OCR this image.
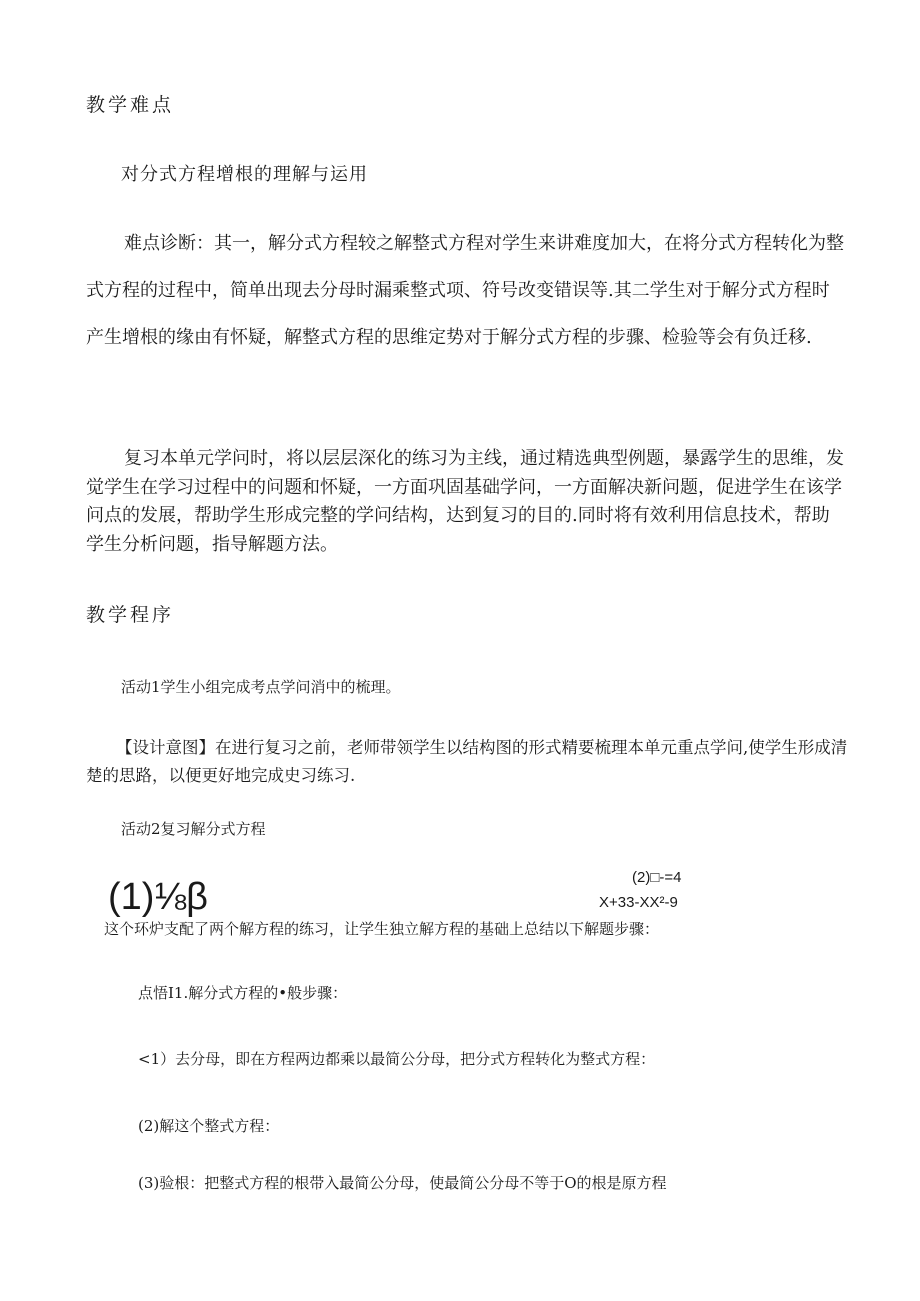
教学难点
对分式方程增根的理解与运用

难点诊断：其一，解分式方程较之解整式方程对学生来讲难度加大，在将分式方程转化为整式方程的过程中，简单出现去分母时漏乘整式项、符号改变错误等.其二学生对于解分式方程时产生增根的缘由有怀疑，解整式方程的思维定势对于解分式方程的步骤、检验等会有负迁移.

复习本单元学问时，将以层层深化的练习为主线，通过精选典型例题，暴露学生的思维，发觉学生在学习过程中的问题和怀疑，一方面巩固基础学问，一方面解决新问题，促进学生在该学问点的发展，帮助学生形成完整的学问结构，达到复习的目的.同时将有效利用信息技术，帮助学生分析问题，指导解题方法。

教学程序
活动1学生小组完成考点学问消中的梳理。

【设计意图】在进行复习之前，老师带领学生以结构图的形式精要梳理本单元重点学问,使学生形成清楚的思路，以便更好地完成史习练习.

活动2复习解分式方程
(1)⅛β	(2)□-=4
X+33-XX²-9
这个环炉支配了两个解方程的练习，让学生独立解方程的基础上总结以下解题步骤：
点悟I1.解分式方程的•般步骤：
<1）去分母，即在方程两边都乘以最简公分母，把分式方程转化为整式方程：
(2)解这个整式方程：
(3)验根：把整式方程的根带入最简公分母，使最简公分母不等于O的根是原方程
